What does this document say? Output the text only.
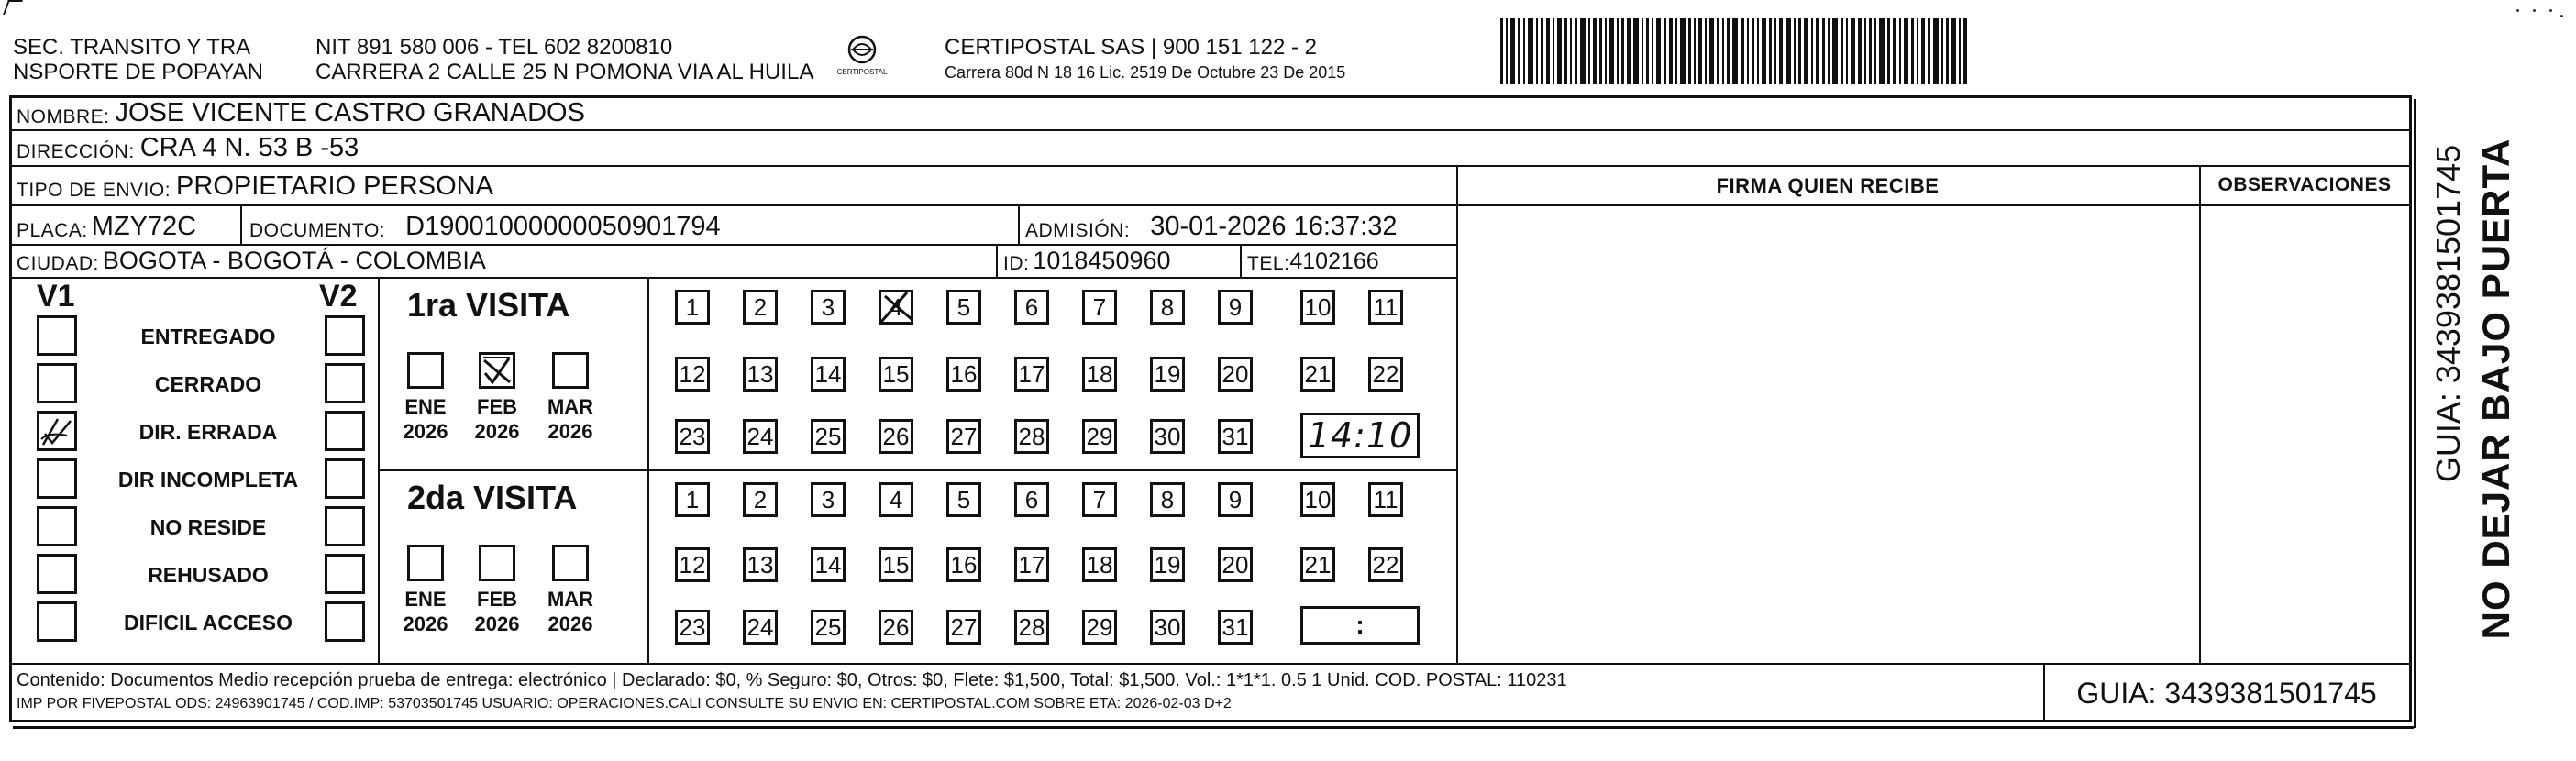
SEC. TRANSITO Y TRA
NSPORTE DE POPAYAN
NIT 891 580 006 - TEL 602 8200810
CARRERA 2 CALLE 25 N POMONA VIA AL HUILA	CERTIPOSTAL
CERTIPOSTAL SAS | 900 151 122 - 2
Carrera 80d N 18 16 Lic. 2519 De Octubre 23 De 2015
NOMBRE: JOSE VICENTE CASTRO GRANADOS
DIRECCIÓN: CRA 4 N. 53 B -53
TIPO DE ENVIO: PROPIETARIO PERSONA	FIRMA QUIEN RECIBE	OBSERVACIONES
PLACA: MZY72C	DOCUMENTO: D19001000000050901794	ADMISIÓN: 30-01-2026 16:37:32
CIUDAD: BOGOTA - BOGOTÁ - COLOMBIA	ID: 1018450960	TEL: 4102166
V1	V2
ENTREGADO
CERRADO
DIR. ERRADA
DIR INCOMPLETA
NO RESIDE
REHUSADO
DIFICIL ACCESO
1ra VISITA
ENE
2026
FEB
2026
MAR
2026
1 2 3 4 5 6 7 8 9	10 11
12 13 14 15 16 17 18 19 20 21 22
23 24 25 26 27 28 29 30 31 14:10
2da VISITA
ENE
2026
FEB
2026
MAR
2026
1 2 3 4 5 6 7 8 9	10 11
12 13 14 15 16 17 18 19 20 21 22
23 24 25 26 27 28 29 30 31	:
Contenido: Documentos Medio recepción prueba de entrega: electrónico | Declarado: $0, % Seguro: $0, Otros: $0, Flete: $1,500, Total: $1,500. Vol.: 1*1*1. 0.5 1 Unid. COD. POSTAL: 110231
IMP POR FIVEPOSTAL ODS: 24963901745 / COD.IMP: 53703501745 USUARIO: OPERACIONES.CALI CONSULTE SU ENVIO EN: CERTIPOSTAL.COM SOBRE ETA: 2026-02-03 D+2	GUIA: 3439381501745
NO DEJAR BAJO PUERTA
GUIA: 3439381501745
